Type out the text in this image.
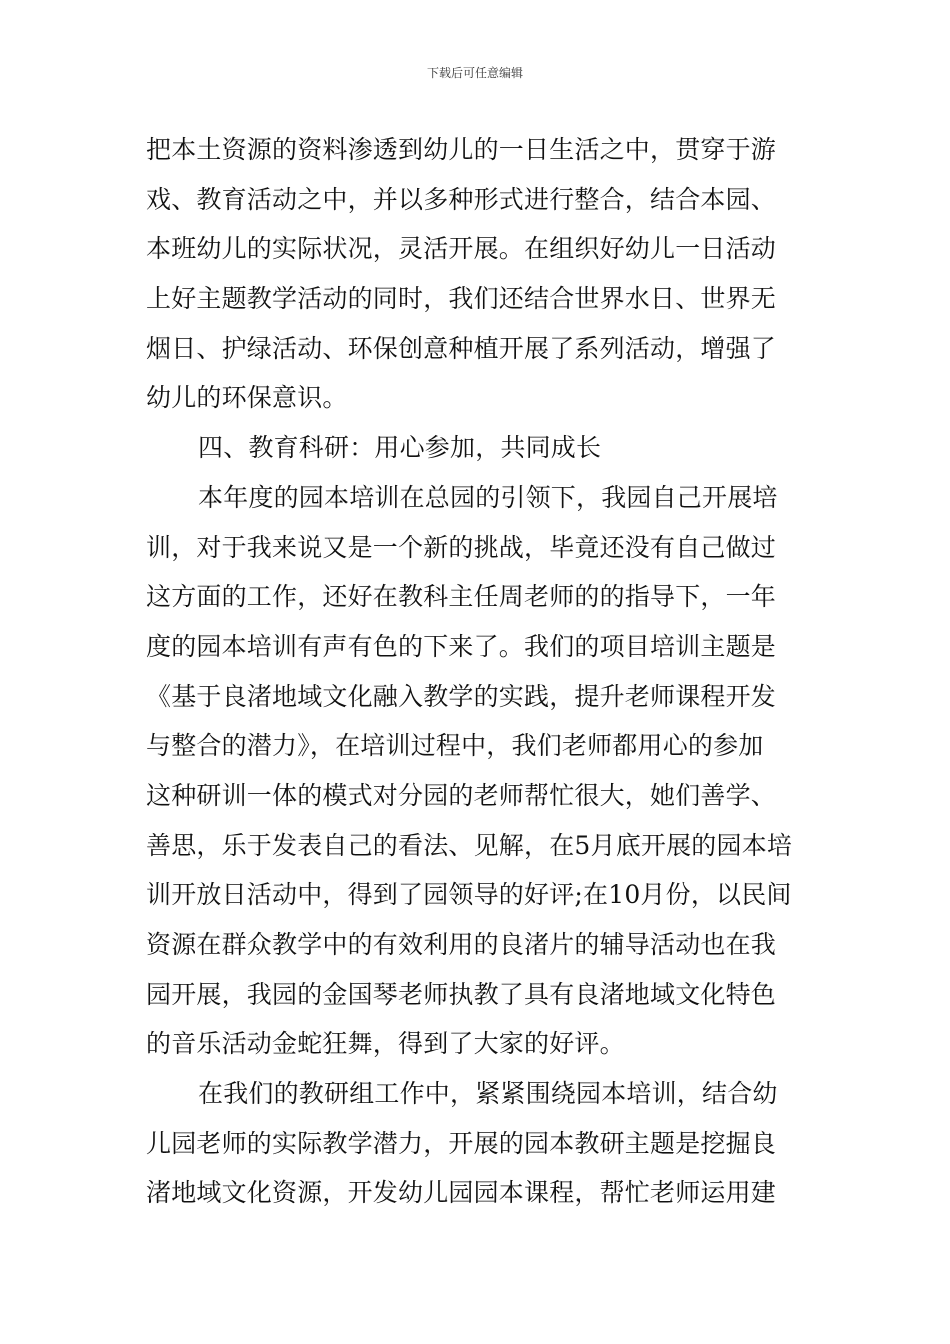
下载后可任意编辑
把本土资源的资料渗透到幼儿的一日生活之中，贯穿于游
戏、教育活动之中，并以多种形式进行整合，结合本园、
本班幼儿的实际状况，灵活开展。在组织好幼儿一日活动
上好主题教学活动的同时，我们还结合世界水日、世界无
烟日、护绿活动、环保创意种植开展了系列活动，增强了
幼儿的环保意识。
四、教育科研：用心参加，共同成长
本年度的园本培训在总园的引领下，我园自己开展培
训，对于我来说又是一个新的挑战，毕竟还没有自己做过
这方面的工作，还好在教科主任周老师的的指导下，一年
度的园本培训有声有色的下来了。我们的项目培训主题是
《基于良渚地域文化融入教学的实践，提升老师课程开发
与整合的潜力》，在培训过程中，我们老师都用心的参加
这种研训一体的模式对分园的老师帮忙很大，她们善学、
善思，乐于发表自己的看法、见解，在5月底开展的园本培
训开放日活动中，得到了园领导的好评;在10月份，以民间
资源在群众教学中的有效利用的良渚片的辅导活动也在我
园开展，我园的金国琴老师执教了具有良渚地域文化特色
的音乐活动金蛇狂舞，得到了大家的好评。
在我们的教研组工作中，紧紧围绕园本培训，结合幼
儿园老师的实际教学潜力，开展的园本教研主题是挖掘良
渚地域文化资源，开发幼儿园园本课程，帮忙老师运用建
